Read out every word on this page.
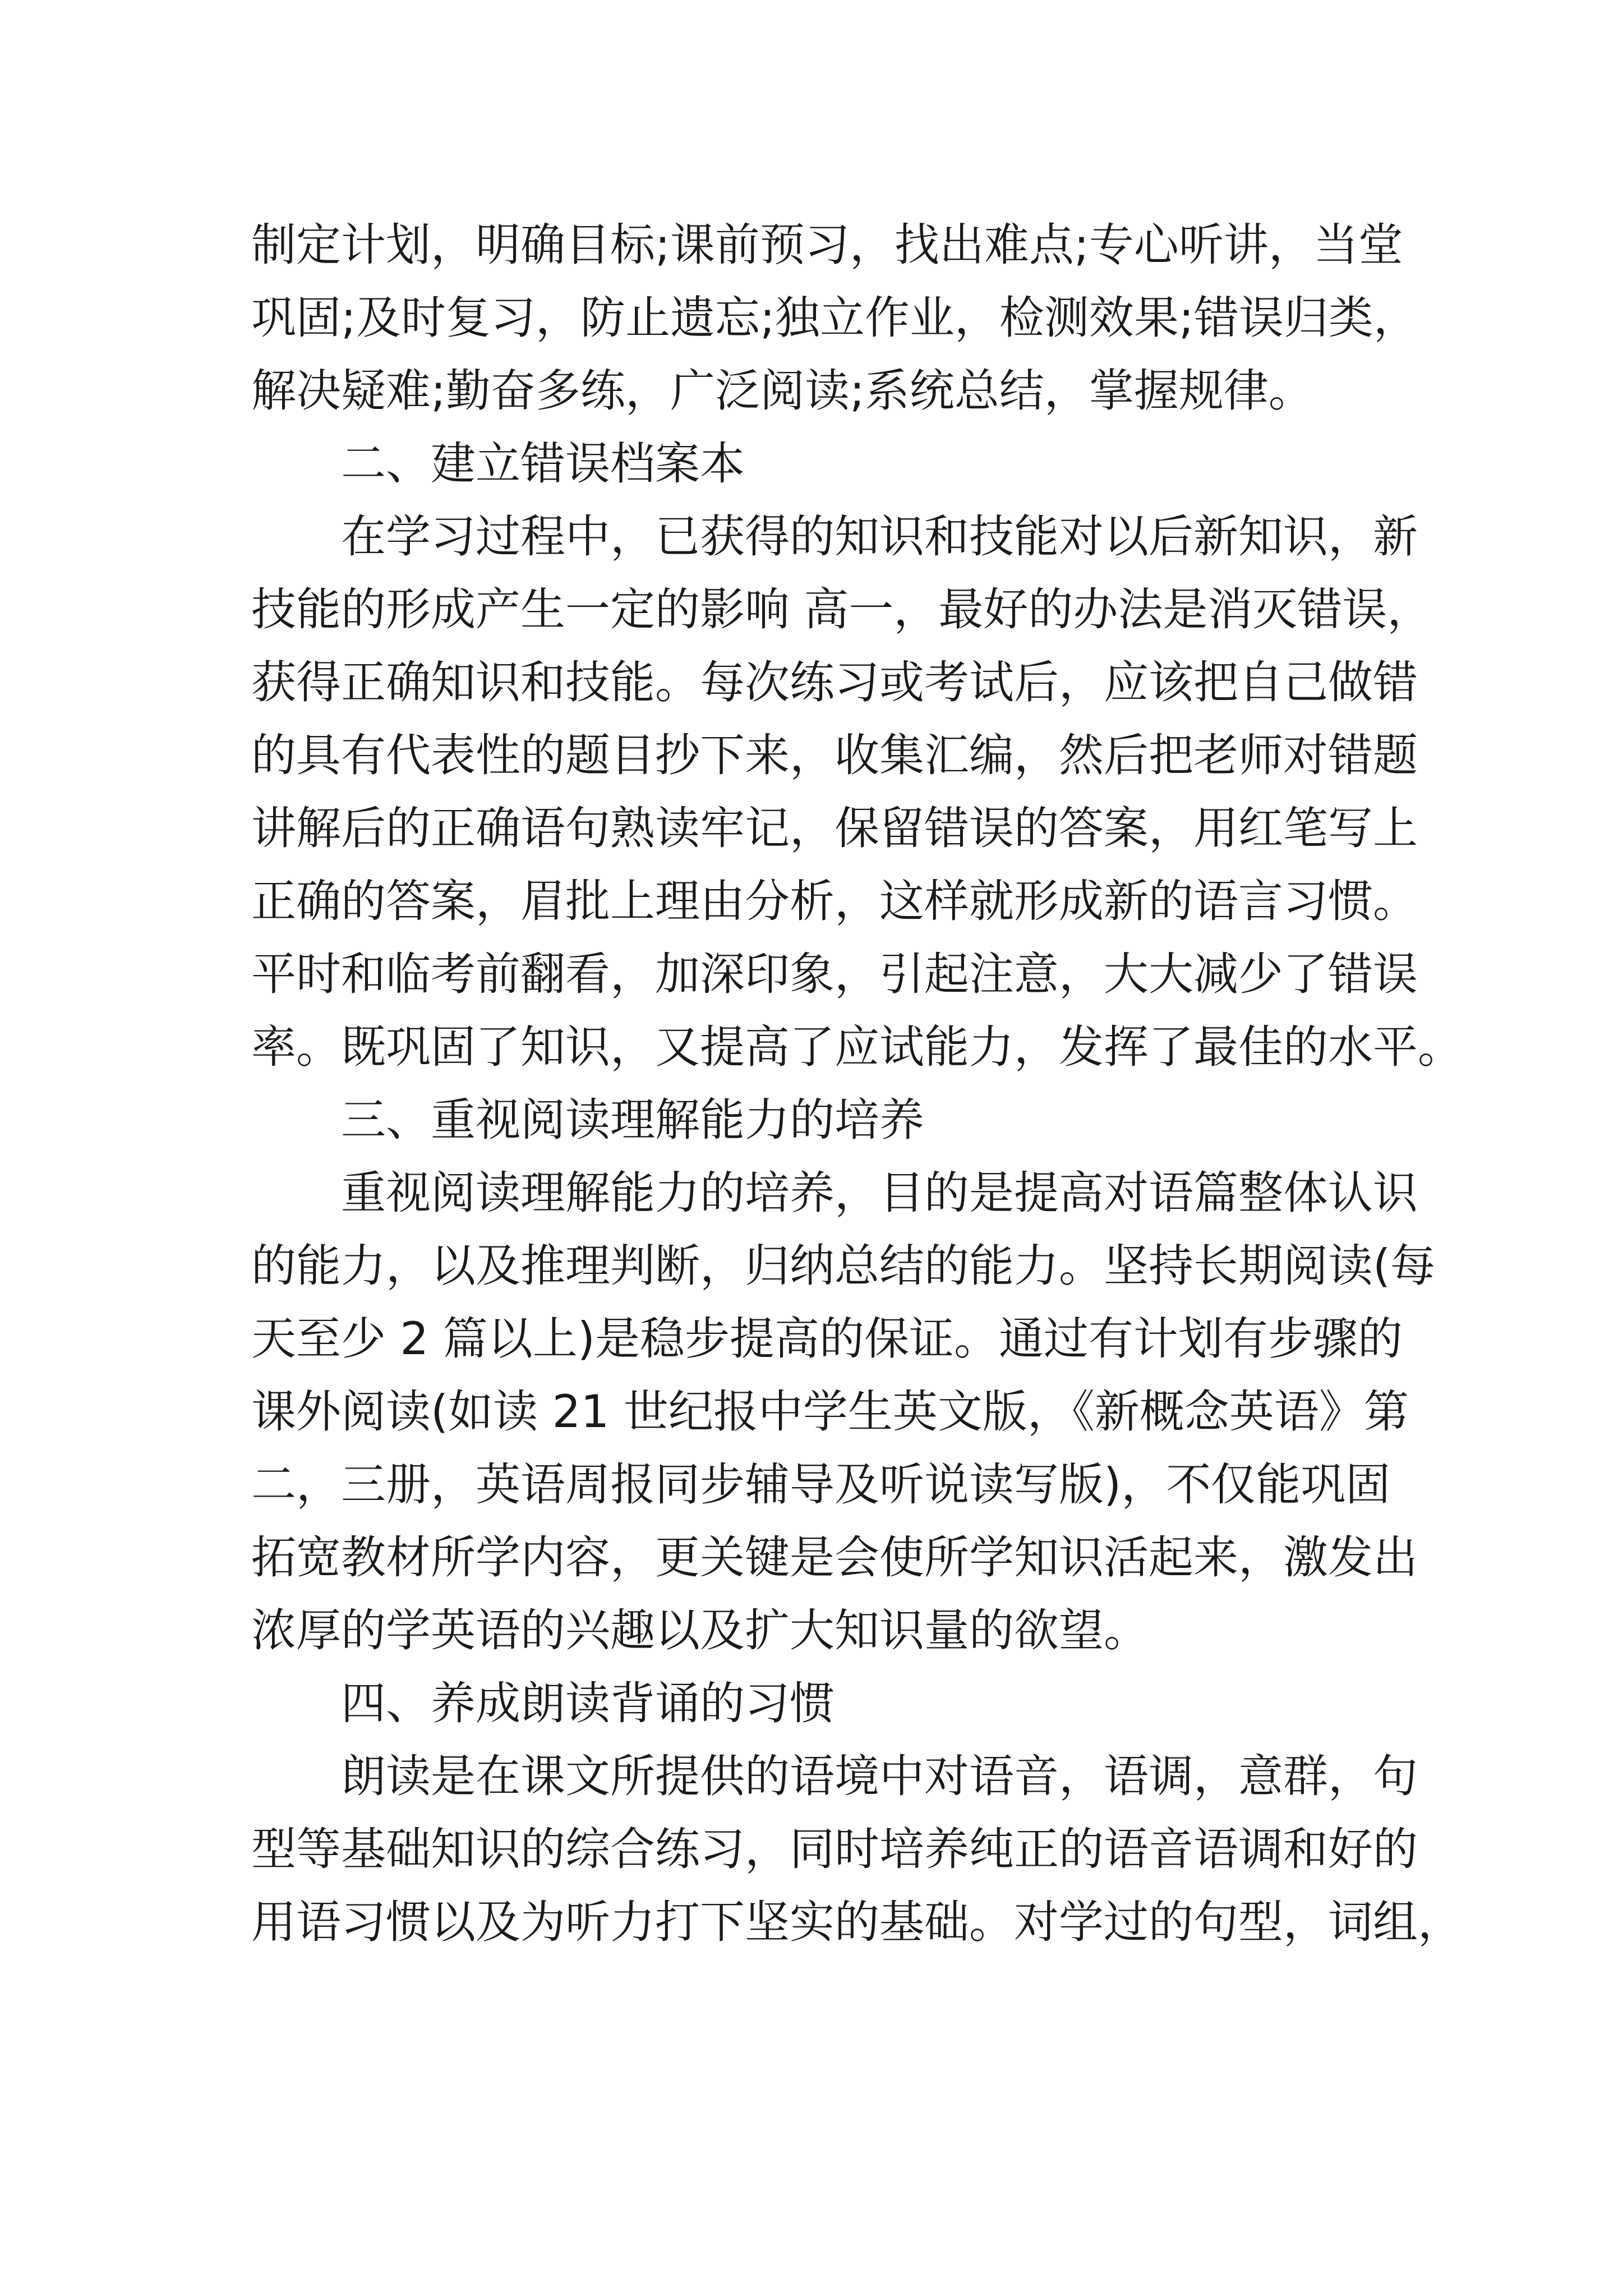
制定计划，明确目标;课前预习，找出难点;专心听讲，当堂
巩固;及时复习，防止遗忘;独立作业，检测效果;错误归类，
解决疑难;勤奋多练，广泛阅读;系统总结，掌握规律。
二、建立错误档案本
在学习过程中，已获得的知识和技能对以后新知识，新
技能的形成产生一定的影响 高一，最好的办法是消灭错误，
获得正确知识和技能。每次练习或考试后，应该把自己做错
的具有代表性的题目抄下来，收集汇编，然后把老师对错题
讲解后的正确语句熟读牢记，保留错误的答案，用红笔写上
正确的答案，眉批上理由分析，这样就形成新的语言习惯。
平时和临考前翻看，加深印象，引起注意，大大减少了错误
率。既巩固了知识，又提高了应试能力，发挥了最佳的水平。
三、重视阅读理解能力的培养
重视阅读理解能力的培养，目的是提高对语篇整体认识
的能力，以及推理判断，归纳总结的能力。坚持长期阅读(每
天至少 2 篇以上)是稳步提高的保证。通过有计划有步骤的
课外阅读(如读 21 世纪报中学生英文版，《新概念英语》第
二，三册，英语周报同步辅导及听说读写版)，不仅能巩固
拓宽教材所学内容，更关键是会使所学知识活起来，激发出
浓厚的学英语的兴趣以及扩大知识量的欲望。
四、养成朗读背诵的习惯
朗读是在课文所提供的语境中对语音，语调，意群，句
型等基础知识的综合练习，同时培养纯正的语音语调和好的
用语习惯以及为听力打下坚实的基础。对学过的句型，词组，
